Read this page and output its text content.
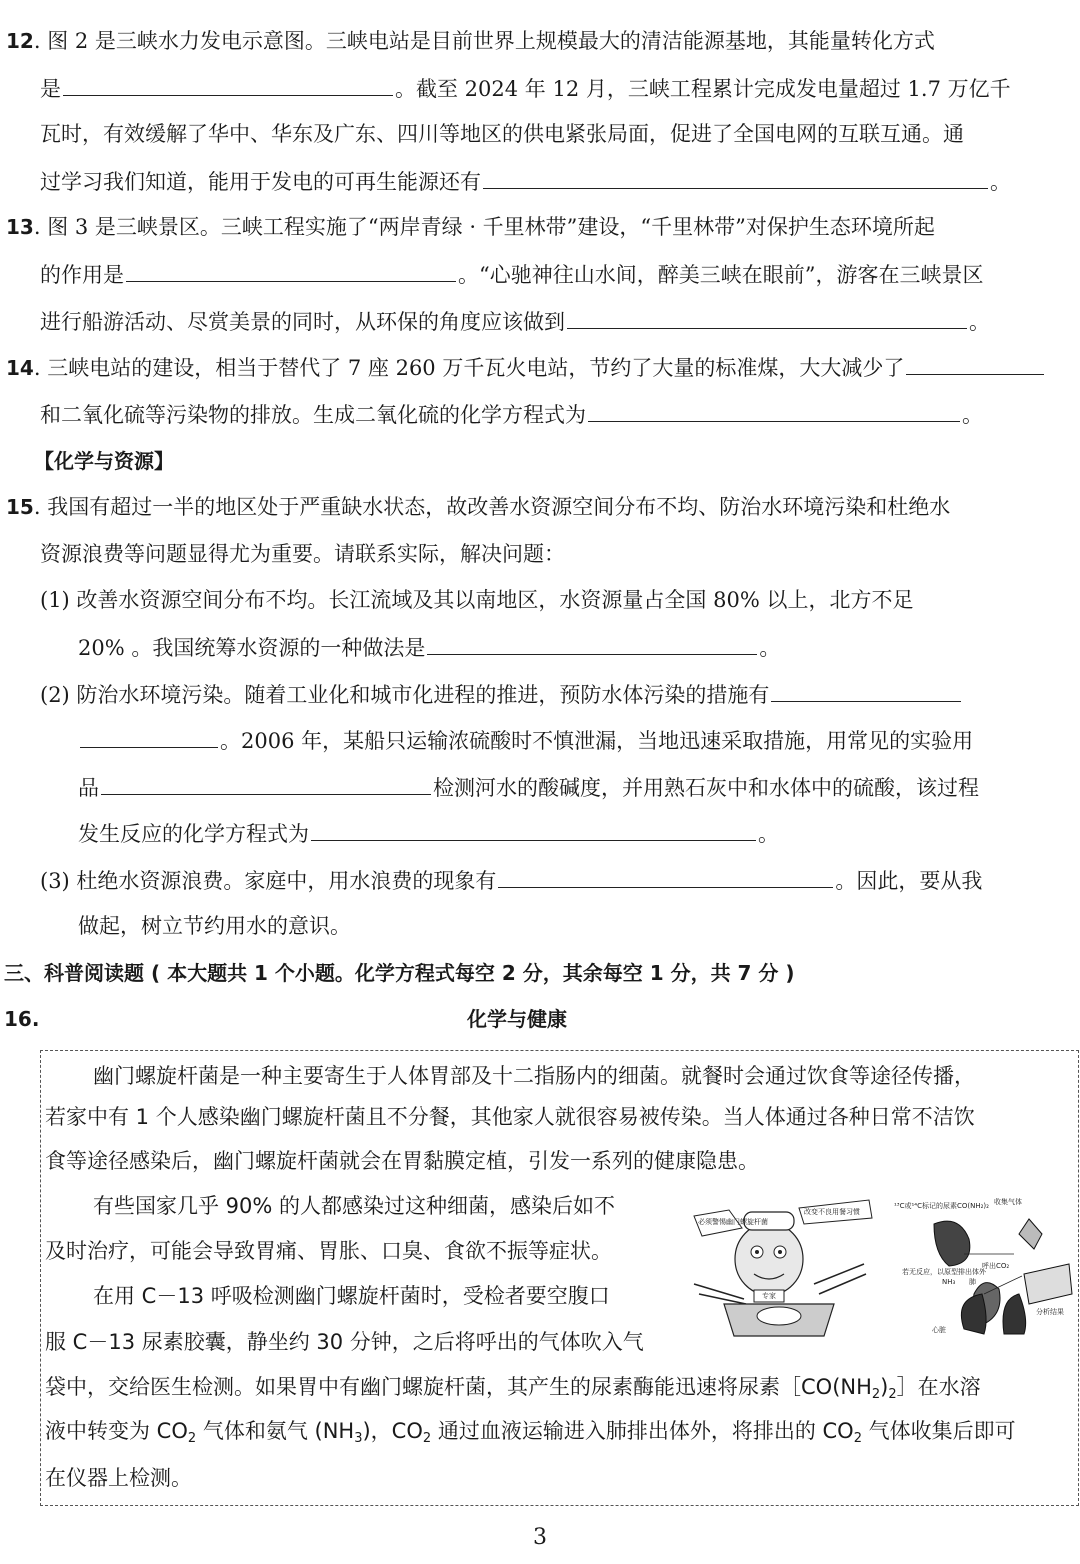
12. 图 2 是三峡水力发电示意图。三峡电站是目前世界上规模最大的清洁能源基地，其能量转化方式
是	。截至 2024 年 12 月，三峡工程累计完成发电量超过 1.7 万亿千
瓦时，有效缓解了华中、华东及广东、四川等地区的供电紧张局面，促进了全国电网的互联互通。通
过学习我们知道，能用于发电的可再生能源还有	。
13. 图 3 是三峡景区。三峡工程实施了“两岸青绿 · 千里林带”建设，“千里林带”对保护生态环境所起
的作用是	。“心驰神往山水间，醉美三峡在眼前”，游客在三峡景区
进行船游活动、尽赏美景的同时，从环保的角度应该做到	。
14. 三峡电站的建设，相当于替代了 7 座 260 万千瓦火电站，节约了大量的标准煤，大大减少了
和二氧化硫等污染物的排放。生成二氧化硫的化学方程式为	。
【化学与资源】
15. 我国有超过一半的地区处于严重缺水状态，故改善水资源空间分布不均、防治水环境污染和杜绝水
资源浪费等问题显得尤为重要。请联系实际，解决问题：
(1) 改善水资源空间分布不均。长江流域及其以南地区，水资源量占全国 80% 以上，北方不足
20% 。我国统筹水资源的一种做法是	。
(2) 防治水环境污染。随着工业化和城市化进程的推进，预防水体污染的措施有
。2006 年，某船只运输浓硫酸时不慎泄漏，当地迅速采取措施，用常见的实验用
品	检测河水的酸碱度，并用熟石灰中和水体中的硫酸，该过程
发生反应的化学方程式为	。
(3) 杜绝水资源浪费。家庭中，用水浪费的现象有	。因此，要从我
做起，树立节约用水的意识。
三、科普阅读题 ( 本大题共 1 个小题。化学方程式每空 2 分，其余每空 1 分，共 7 分 )
16.	化学与健康
幽门螺旋杆菌是一种主要寄生于人体胃部及十二指肠内的细菌。就餐时会通过饮食等途径传播，
若家中有 1 个人感染幽门螺旋杆菌且不分餐，其他家人就很容易被传染。当人体通过各种日常不洁饮
食等途径感染后，幽门螺旋杆菌就会在胃黏膜定植，引发一系列的健康隐患。
有些国家几乎 90% 的人都感染过这种细菌，感染后如不
及时治疗，可能会导致胃痛、胃胀、口臭、食欲不振等症状。
在用 C－13 呼吸检测幽门螺旋杆菌时，受检者要空腹口
服 C－13 尿素胶囊，静坐约 30 分钟，之后将呼出的气体吹入气
袋中，交给医生检测。如果胃中有幽门螺旋杆菌，其产生的尿素酶能迅速将尿素$[CO(NH_2)_2]$在水溶
液中转变为 $CO_2$ 气体和氨气 $(NH_3)$，$CO_2$ 通过血液运输进入肺排出体外，将排出的 $CO_2$ 气体收集后即可
在仪器上检测。
必须警惕幽门螺旋杆菌
改变不良用餐习惯
专家
¹³C或¹⁴C标记的尿素CO(NH₂)₂ 收集气体
呼出CO₂
NH₃
若无反应，以原型排出体外
心脏
肺
分析结果
3
